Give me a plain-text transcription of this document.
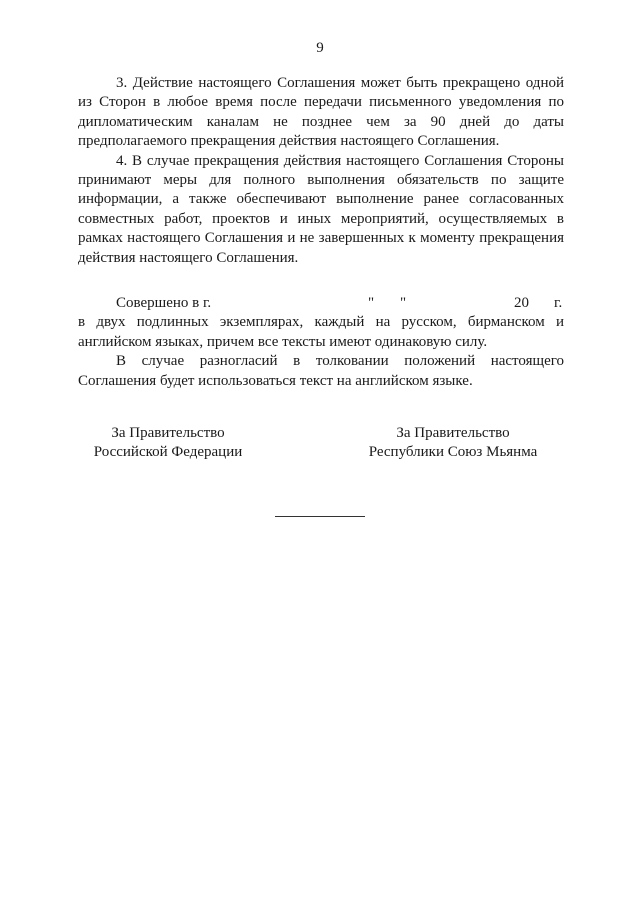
9

3. Действие настоящего Соглашения может быть прекращено одной из Сторон в любое время после передачи письменного уведомления по дипломатическим каналам не позднее чем за 90 дней до даты предполагаемого прекращения действия настоящего Соглашения.

4. В случае прекращения действия настоящего Соглашения Стороны принимают меры для полного выполнения обязательств по защите информации, а также обеспечивают выполнение ранее согласованных совместных работ, проектов и иных мероприятий, осуществляемых в рамках настоящего Соглашения и не завершенных к моменту прекращения действия настоящего Соглашения.

Совершено в г.	" "	20 г.

в двух подлинных экземплярах, каждый на русском, бирманском и английском языках, причем все тексты имеют одинаковую силу.

В случае разногласий в толковании положений настоящего Соглашения будет использоваться текст на английском языке.

За Правительство
Российской Федерации
За Правительство
Республики Союз Мьянма
